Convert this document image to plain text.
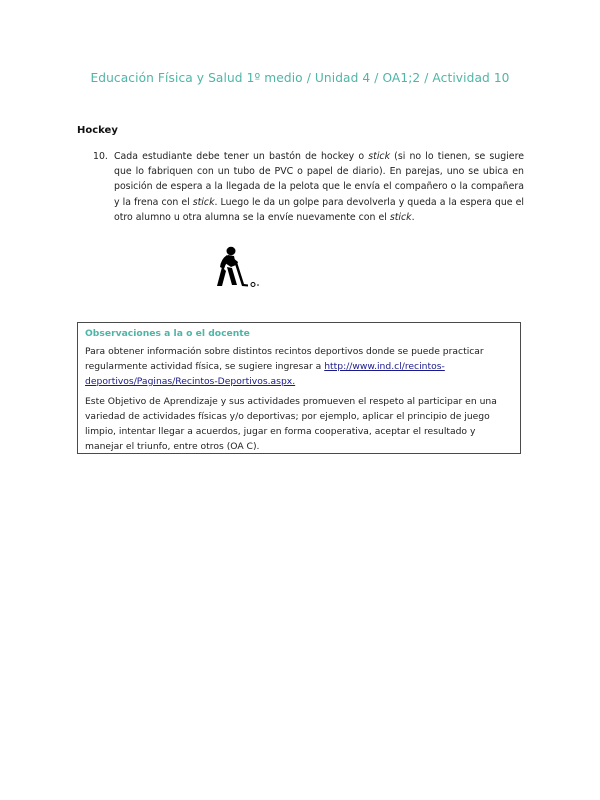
Educación Física y Salud 1º medio / Unidad 4 / OA1;2 / Actividad 10
Hockey
10. Cada estudiante debe tener un bastón de hockey o stick (si no lo tienen, se sugiere que lo fabriquen con un tubo de PVC o papel de diario). En parejas, uno se ubica en posición de espera a la llegada de la pelota que le envía el compañero o la compañera y la frena con el stick. Luego le da un golpe para devolverla y queda a la espera que el otro alumno u otra alumna se la envíe nuevamente con el stick.
Observaciones a la o el docente

Para obtener información sobre distintos recintos deportivos donde se puede practicar regularmente actividad física, se sugiere ingresar a http://www.ind.cl/recintos-deportivos/Paginas/Recintos-Deportivos.aspx.

Este Objetivo de Aprendizaje y sus actividades promueven el respeto al participar en una variedad de actividades físicas y/o deportivas; por ejemplo, aplicar el principio de juego limpio, intentar llegar a acuerdos, jugar en forma cooperativa, aceptar el resultado y manejar el triunfo, entre otros (OA C).
